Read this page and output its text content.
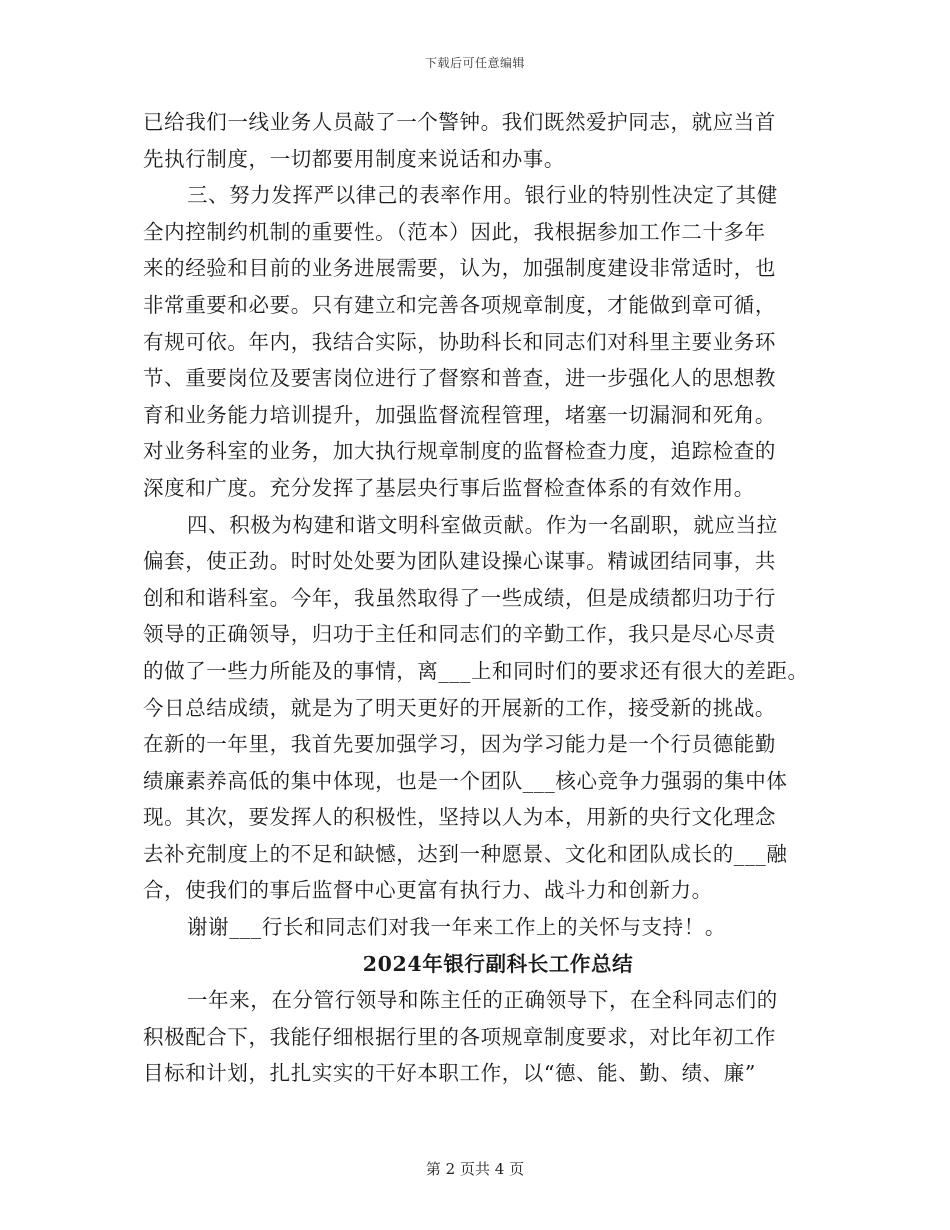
下载后可任意编辑
已给我们一线业务人员敲了一个警钟。我们既然爱护同志，就应当首
先执行制度，一切都要用制度来说话和办事。
三、努力发挥严以律己的表率作用。银行业的特别性决定了其健
全内控制约机制的重要性。（范本）因此，我根据参加工作二十多年
来的经验和目前的业务进展需要，认为，加强制度建设非常适时，也
非常重要和必要。只有建立和完善各项规章制度，才能做到章可循，
有规可依。年内，我结合实际，协助科长和同志们对科里主要业务环
节、重要岗位及要害岗位进行了督察和普查，进一步强化人的思想教
育和业务能力培训提升，加强监督流程管理，堵塞一切漏洞和死角。
对业务科室的业务，加大执行规章制度的监督检查力度，追踪检查的
深度和广度。充分发挥了基层央行事后监督检查体系的有效作用。
四、积极为构建和谐文明科室做贡献。作为一名副职，就应当拉
偏套，使正劲。时时处处要为团队建设操心谋事。精诚团结同事，共
创和和谐科室。今年，我虽然取得了一些成绩，但是成绩都归功于行
领导的正确领导，归功于主任和同志们的辛勤工作，我只是尽心尽责
的做了一些力所能及的事情，离___上和同时们的要求还有很大的差距。
今日总结成绩，就是为了明天更好的开展新的工作，接受新的挑战。
在新的一年里，我首先要加强学习，因为学习能力是一个行员德能勤
绩廉素养高低的集中体现，也是一个团队___核心竞争力强弱的集中体
现。其次，要发挥人的积极性，坚持以人为本，用新的央行文化理念
去补充制度上的不足和缺憾，达到一种愿景、文化和团队成长的___融
合，使我们的事后监督中心更富有执行力、战斗力和创新力。
谢谢___行长和同志们对我一年来工作上的关怀与支持！。
2024年银行副科长工作总结
一年来，在分管行领导和陈主任的正确领导下，在全科同志们的
积极配合下，我能仔细根据行里的各项规章制度要求，对比年初工作
目标和计划，扎扎实实的干好本职工作，以“德、能、勤、绩、廉”
第 2 页共 4 页
